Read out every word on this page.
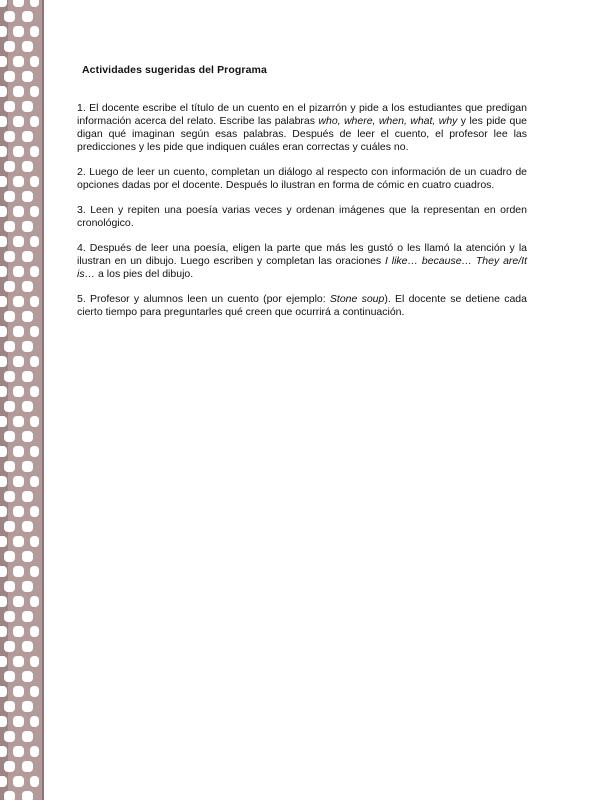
Actividades sugeridas del Programa

1. El docente escribe el título de un cuento en el pizarrón y pide a los estudiantes que predigan información acerca del relato. Escribe las palabras who, where, when, what, why y les pide que digan qué imaginan según esas palabras. Después de leer el cuento, el profesor lee las predicciones y les pide que indiquen cuáles eran correctas y cuáles no.

2. Luego de leer un cuento, completan un diálogo al respecto con información de un cuadro de opciones dadas por el docente. Después lo ilustran en forma de cómic en cuatro cuadros.

3. Leen y repiten una poesía varias veces y ordenan imágenes que la representan en orden cronológico.

4. Después de leer una poesía, eligen la parte que más les gustó o les llamó la atención y la ilustran en un dibujo. Luego escriben y completan las oraciones I like… because… They are/It is… a los pies del dibujo.

5. Profesor y alumnos leen un cuento (por ejemplo: Stone soup). El docente se detiene cada cierto tiempo para preguntarles qué creen que ocurrirá a continuación.
